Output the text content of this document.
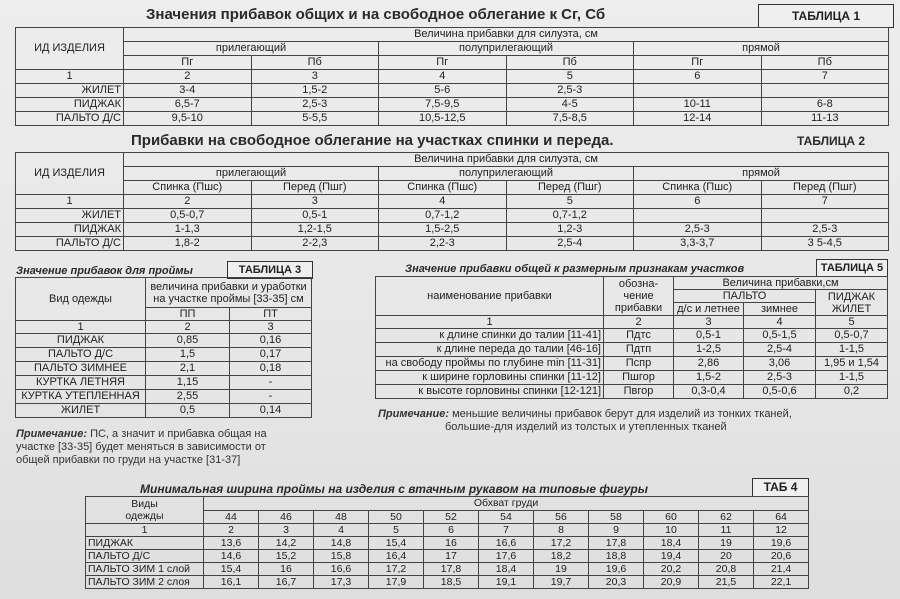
Значения прибавок общих и на свободное облегание к Сг, Сб	ТАБЛИЦА 1
ИД ИЗДЕЛИЯ	Величина прибавки для силуэта, см					
	прилегающий		полуприлегающий		прямой	
	Пг	Пб	Пг	Пб	Пг	Пб
1	2	3	4	5	6	7
ЖИЛЕТ	3-4	1,5-2	5-6	2,5-3		
ПИДЖАК	6,5-7	2,5-3	7,5-9,5	4-5	10-11	6-8
ПАЛЬТО Д/С	9,5-10	5-5,5	10,5-12,5	7,5-8,5	12-14	11-13
Прибавки на свободное облегание на участках спинки и переда.	ТАБЛИЦА 2
ИД ИЗДЕЛИЯ	Величина прибавки для силуэта, см					
	прилегающий		полуприлегающий		прямой	
	Спинка (Пшс)	Перед (Пшг)	Спинка (Пшс)	Перед (Пшг)	Спинка (Пшс)	Перед (Пшг)
1	2	3	4	5	6	7
ЖИЛЕТ	0,5-0,7	0,5-1	0,7-1,2	0,7-1,2		
ПИДЖАК	1-1,3	1,2-1,5	1,5-2,5	1,2-3	2,5-3	2,5-3
ПАЛЬТО Д/С	1,8-2	2-2,3	2,2-3	2,5-4	3,3-3,7	3 5-4,5
Значение прибавок для проймы	ТАБЛИЦА 3
Вид одежды	величина прибавки и уработки на участке проймы [33-35] см	
	ПП	ПТ
1	2	3
ПИДЖАК	0,85	0,16
ПАЛЬТО Д/С	1,5	0,17
ПАЛЬТО ЗИМНЕЕ	2,1	0,18
КУРТКА ЛЕТНЯЯ	1,15	-
КУРТКА УТЕПЛЕННАЯ	2,55	-
ЖИЛЕТ	0,5	0,14
Примечание: ПС, а значит и прибавка общая на
участке [33-35] будет меняться в зависимости от
общей прибавки по груди на участке [31-37]
Значение прибавки общей к размерным признакам участков	ТАБЛИЦА 5
наименование прибавки	обозна-
чение
прибавки	Величина прибавки,см		
		ПАЛЬТО		ПИДЖАК
ЖИЛЕТ
		д/с и летнее	зимнее	
1	2	3	4	5
к длине спинки до талии [11-41]	Пдтс	0,5-1	0,5-1,5	0,5-0,7
к длине переда до талии [46-16]	Пдтп	1-2,5	2,5-4	1-1,5
на свободу проймы по глубине min [11-31]	Пспр	2,86	3,06	1,95 и 1,54
к ширине горловины спинки [11-12]	Пшгор	1,5-2	2,5-3	1-1,5
к высоте горловины спинки [12-121]	Пвгор	0,3-0,4	0,5-0,6	0,2
Примечание: меньшие величины прибавок берут для изделий из тонких тканей,
большие-для изделий из толстых и утепленных тканей
Минимальная ширина проймы на изделия с втачным рукавом на типовые фигуры	ТАБ 4
Виды
одежды	Обхват груди										
	44	46	48	50	52	54	56	58	60	62	64
1	2	3	4	5	6	7	8	9	10	11	12
ПИДЖАК	13,6	14,2	14,8	15,4	16	16,6	17,2	17,8	18,4	19	19,6
ПАЛЬТО Д/С	14,6	15,2	15,8	16,4	17	17,6	18,2	18,8	19,4	20	20,6
ПАЛЬТО ЗИМ 1 слой	15,4	16	16,6	17,2	17,8	18,4	19	19,6	20,2	20,8	21,4
ПАЛЬТО ЗИМ 2 слоя	16,1	16,7	17,3	17,9	18,5	19,1	19,7	20,3	20,9	21,5	22,1
